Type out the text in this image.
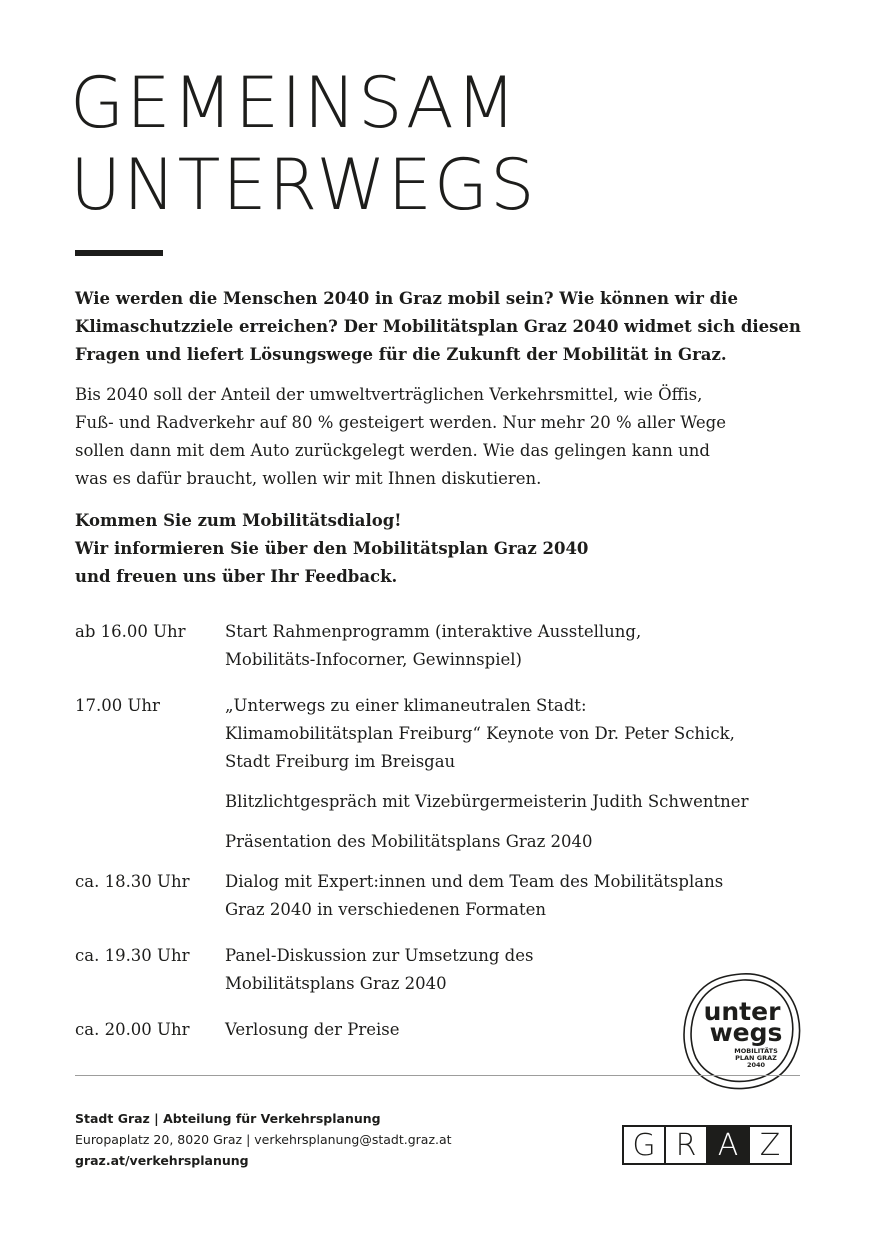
GEMEINSAM
UNTERWEGS
Wie werden die Menschen 2040 in Graz mobil sein? Wie können wir die
Klimaschutzziele erreichen? Der Mobilitätsplan Graz 2040 widmet sich diesen
Fragen und liefert Lösungswege für die Zukunft der Mobilität in Graz.
Bis 2040 soll der Anteil der umweltverträglichen Verkehrsmittel, wie Öffis,
Fuß- und Radverkehr auf 80 % gesteigert werden. Nur mehr 20 % aller Wege
sollen dann mit dem Auto zurückgelegt werden. Wie das gelingen kann und
was es dafür braucht, wollen wir mit Ihnen diskutieren.
Kommen Sie zum Mobilitätsdialog!
Wir informieren Sie über den Mobilitätsplan Graz 2040
und freuen uns über Ihr Feedback.
ab 16.00 Uhr Start Rahmenprogramm (interaktive Ausstellung,
Mobilitäts-Infocorner, Gewinnspiel)
17.00 Uhr	„Unterwegs zu einer klimaneutralen Stadt:
Klimamobilitätsplan Freiburg“ Keynote von Dr. Peter Schick,
Stadt Freiburg im Breisgau
Blitzlichtgespräch mit Vizebürgermeisterin Judith Schwentner
Präsentation des Mobilitätsplans Graz 2040
ca. 18.30 Uhr Dialog mit Expert:innen und dem Team des Mobilitätsplans
Graz 2040 in verschiedenen Formaten
ca. 19.30 Uhr Panel-Diskussion zur Umsetzung des
Mobilitätsplans Graz 2040
ca. 20.00 Uhr Verlosung der Preise
unter
wegs
MOBILITÄTS
PLAN GRAZ
2040
Stadt Graz | Abteilung für Verkehrsplanung
Europaplatz 20, 8020 Graz | verkehrsplanung@stadt.graz.at
graz.at/verkehrsplanung	G R A Z
